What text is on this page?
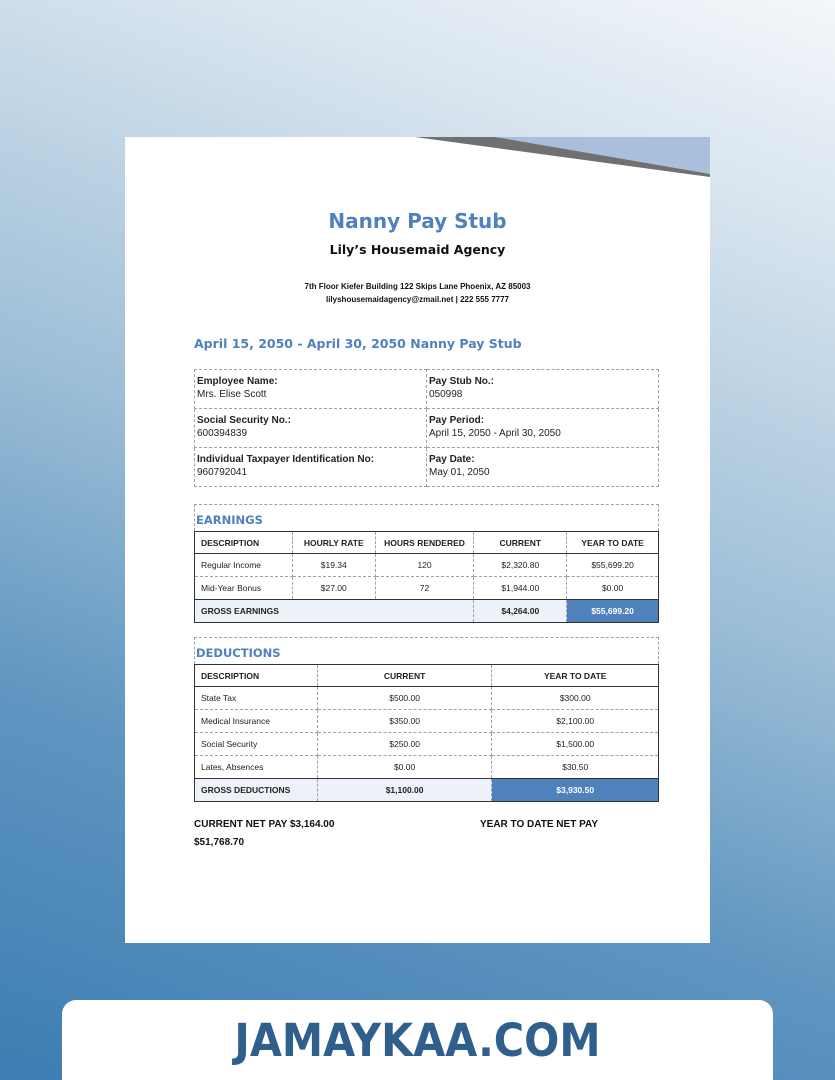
Nanny Pay Stub
Lily’s Housemaid Agency
7th Floor Kiefer Building 122 Skips Lane Phoenix, AZ 85003
lilyshousemaidagency@zmail.net | 222 555 7777
April 15, 2050 - April 30, 2050 Nanny Pay Stub
Employee Name:
Mrs. Elise Scott	Pay Stub No.:
050998

Social Security No.:
600394839	Pay Period:
April 15, 2050 - April 30, 2050

Individual Taxpayer Identification No:
960792041	Pay Date:
May 01, 2050
EARNINGS
DESCRIPTION	HOURLY RATE	HOURS RENDERED	CURRENT	YEAR TO DATE
Regular Income	$19.34	120	$2,320.80	$55,699.20
Mid-Year Bonus	$27.00	72	$1,944.00	$0.00
GROSS EARNINGS			$4,264.00	$55,699.20
DEDUCTIONS
DESCRIPTION	CURRENT	YEAR TO DATE
State Tax	$500.00	$300.00
Medical Insurance	$350.00	$2,100.00
Social Security	$250.00	$1,500.00
Lates, Absences	$0.00	$30.50
GROSS DEDUCTIONS	$1,100.00	$3,930.50
CURRENT NET PAY $3,164.00
$51,768.70
YEAR TO DATE NET PAY
JAMAYKAA.COM
